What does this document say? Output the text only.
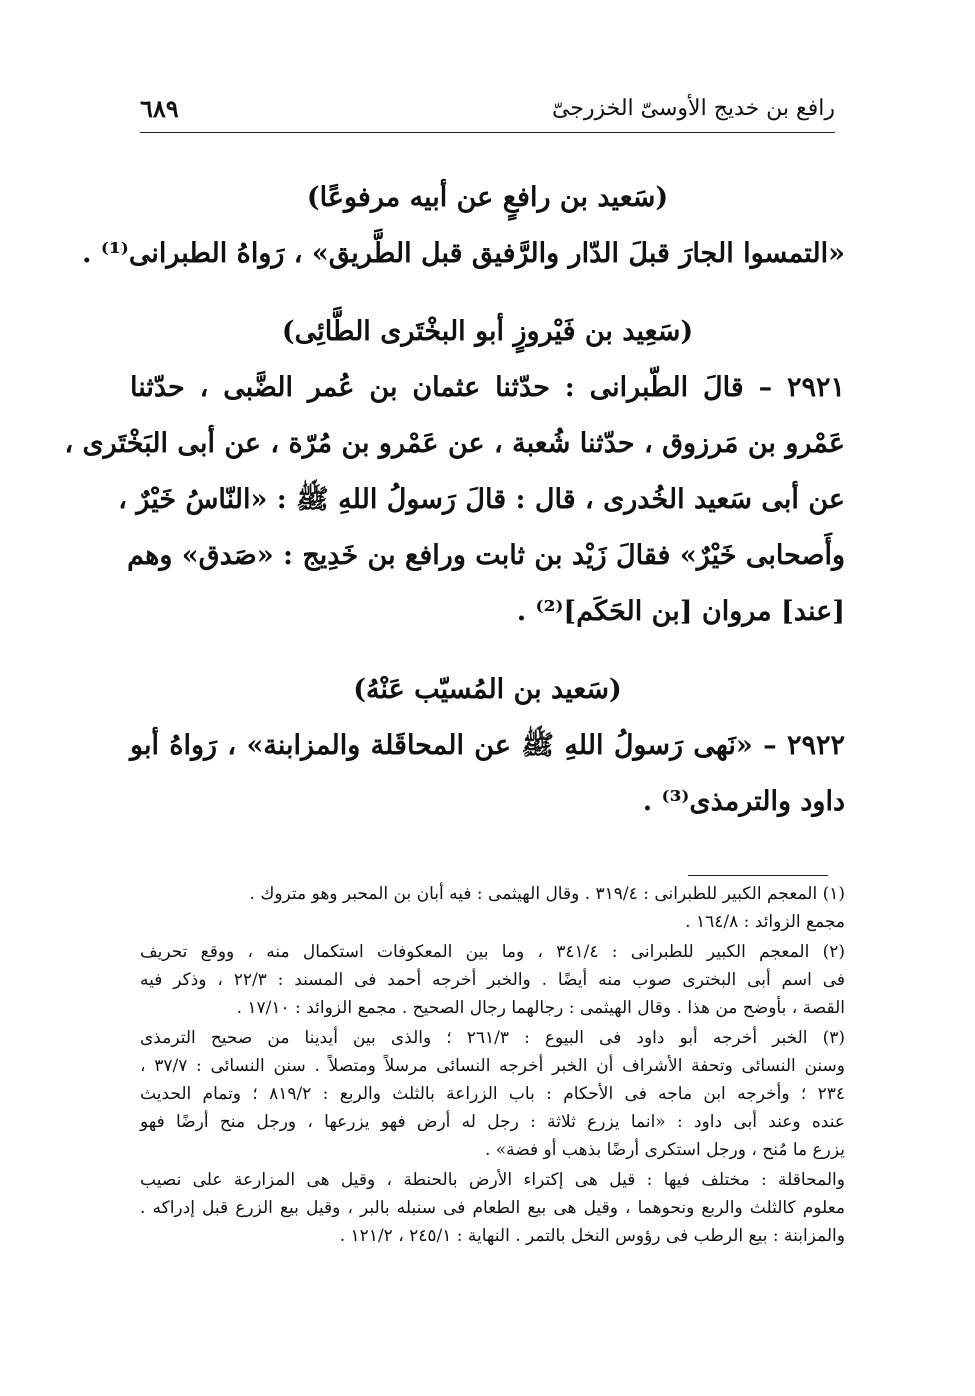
رافع بن خديج الأوسىّ الخزرجىّ
٦٨٩
(سَعيد بن رافعٍ عن أبيه مرفوعًا)
«التمسوا الجارَ قبلَ الدّار والرَّفيق قبل الطَّريق» ، رَواهُ الطبرانى⁽¹⁾ .
(سَعِيد بن فَيْروزٍ أبو البخْتَرى الطَّائِى)
٢٩٢١ – قالَ الطّبرانى : حدّثنا عثمان بن عُمر الضَّبى ، حدّثنا
عَمْرو بن مَرزوق ، حدّثنا شُعبة ، عن عَمْرو بن مُرّة ، عن أبى البَخْتَرى ،
عن أبى سَعيد الخُدرى ، قال : قالَ رَسولُ اللهِ ﷺ : «النّاسُ خَيْرٌ ،
وأَصحابى خَيْرٌ» فقالَ زَيْد بن ثابت ورافع بن خَدِيج : «صَدق» وهم
[عند] مروان [بن الحَكَم]⁽²⁾ .
(سَعيد بن المُسيّب عَنْهُ)
٢٩٢٢ – «نَهى رَسولُ اللهِ ﷺ عن المحاقَلة والمزابنة» ، رَواهُ أبو
داود والترمذى⁽³⁾ .
(١) المعجم الكبير للطبرانى : ٣١٩/٤ . وقال الهيثمى : فيه أبان بن المحبر وهو متروك .
مجمع الزوائد : ١٦٤/٨ .
(٢) المعجم الكبير للطبرانى : ٣٤١/٤ ، وما بين المعكوفات استكمال منه ، ووقع تحريف
فى اسم أبى البخترى صوب منه أيضًا . والخبر أخرجه أحمد فى المسند : ٢٢/٣ ، وذكر فيه
القصة ، بأوضح من هذا . وقال الهيثمى : رجالهما رجال الصحيح . مجمع الزوائد : ١٧/١٠ .
(٣) الخبر أخرجه أبو داود فى البيوع : ٢٦١/٣ ؛ والذى بين أيدينا من صحيح الترمذى
وسنن النسائى وتحفة الأشراف أن الخبر أخرجه النسائى مرسلاً ومتصلاً . سنن النسائى : ٣٧/٧ ،
٢٣٤ ؛ وأخرجه ابن ماجه فى الأحكام : باب الزراعة بالثلث والربع : ٨١٩/٢ ؛ وتمام الحديث
عنده وعند أبى داود : «انما يزرع ثلاثة : رجل له أرض فهو يزرعها ، ورجل منح أرضًا فهو
يزرع ما مُنح ، ورجل استكرى أرضًا بذهب أو فضة» .
والمحاقلة : مختلف فيها : قيل هى إكتراء الأرض بالحنطة ، وقيل هى المزارعة على نصيب
معلوم كالثلث والربع ونحوهما ، وقيل هى بيع الطعام فى سنبله بالبر ، وقيل بيع الزرع قبل إدراكه .
والمزابنة : بيع الرطب فى رؤوس النخل بالتمر . النهاية : ٢٤٥/١ ، ١٢١/٢ .
